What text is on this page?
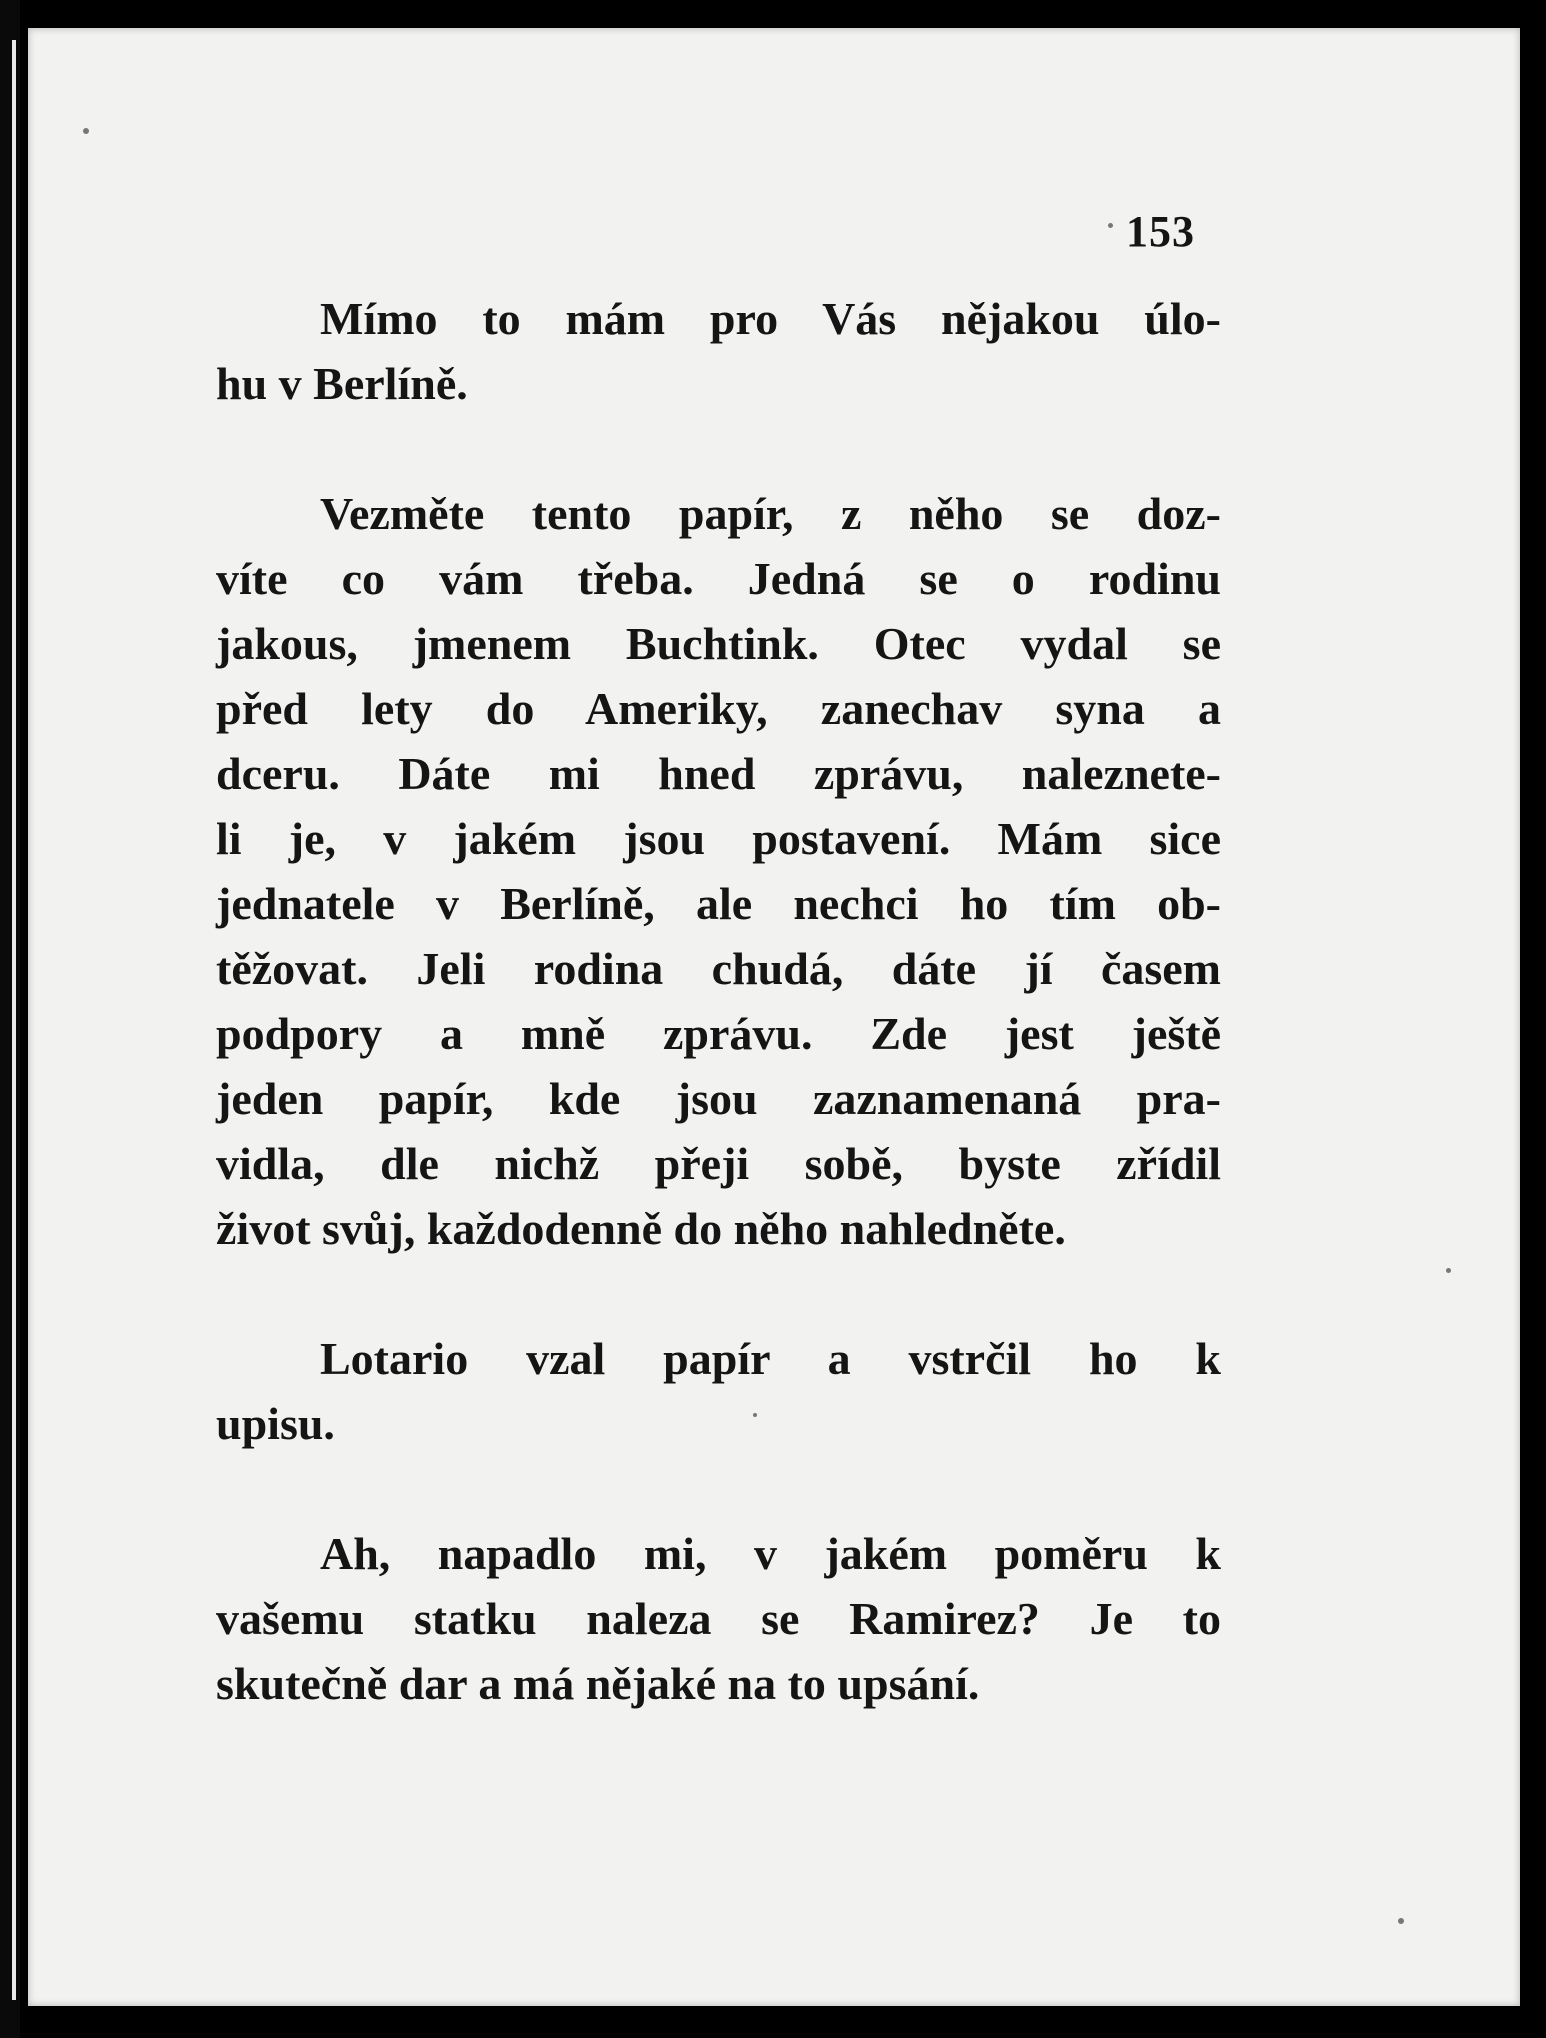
153
Mímo to mám pro Vás nějakou úlo-
hu v Berlíně.
Vezměte tento papír, z něho se doz-
víte co vám třeba. Jedná se o rodinu
jakous, jmenem Buchtink. Otec vydal se
před lety do Ameriky, zanechav syna a
dceru. Dáte mi hned zprávu, naleznete-
li je, v jakém jsou postavení. Mám sice
jednatele v Berlíně, ale nechci ho tím ob-
těžovat. Jeli rodina chudá, dáte jí časem
podpory a mně zprávu. Zde jest ještě
jeden papír, kde jsou zaznamenaná pra-
vidla, dle nichž přeji sobě, byste zřídil
život svůj, každodenně do něho nahledněte.
Lotario vzal papír a vstrčil ho k
upisu.
Ah, napadlo mi, v jakém poměru k
vašemu statku naleza se Ramirez? Je to
skutečně dar a má nějaké na to upsání.
